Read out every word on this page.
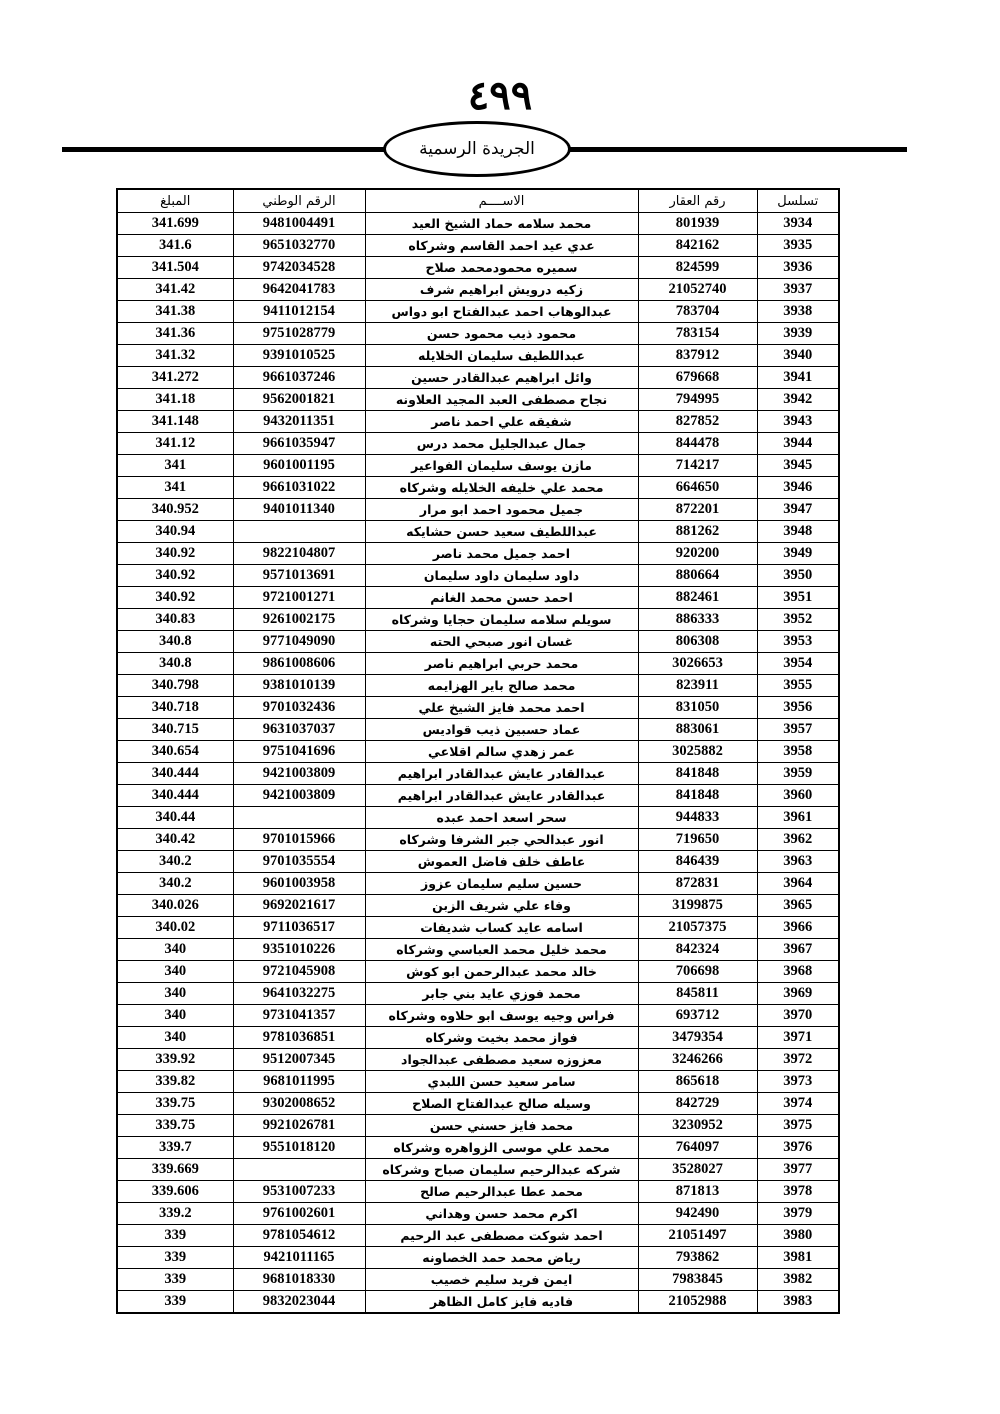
٤٩٩
الجريدة الرسمية
تسلسل	رقم العقار	الاســــم	الرقم الوطني	المبلغ
3934	801939	محمد سلامه حماد الشيخ العيد	9481004491	341.699
3935	842162	عدي عيد احمد القاسم وشركاه	9651032770	341.6
3936	824599	سميره محمودمحمد صلاح	9742034528	341.504
3937	21052740	زكيه درويش ابراهيم شرف	9642041783	341.42
3938	783704	عبدالوهاب احمد عبدالفتاح ابو دواس	9411012154	341.38
3939	783154	محمود ذيب محمود حسن	9751028779	341.36
3940	837912	عبداللطيف سليمان الخلايله	9391010525	341.32
3941	679668	وائل ابراهيم عبدالقادر حسين	9661037246	341.272
3942	794995	نجاح مصطفى العبد المجيد العلاونه	9562001821	341.18
3943	827852	شفيقه علي احمد ناصر	9432011351	341.148
3944	844478	جمال عبدالجليل محمد درس	9661035947	341.12
3945	714217	مازن يوسف سليمان الفواعير	9601001195	341
3946	664650	محمد علي خليفه الخلايله وشركاه	9661031022	341
3947	872201	جميل محمود احمد ابو مرار	9401011340	340.952
3948	881262	عبداللطيف سعيد حسن حشايكه		340.94
3949	920200	احمد جميل محمد ناصر	9822104807	340.92
3950	880664	داود سليمان داود سليمان	9571013691	340.92
3951	882461	احمد حسن محمد الغانم	9721001271	340.92
3952	886333	سويلم سلامه سليمان حجايا وشركاه	9261002175	340.83
3953	806308	غسان انور صبحي الحته	9771049090	340.8
3954	3026653	محمد حربي ابراهيم ناصر	9861008606	340.8
3955	823911	محمد صالح باير الهزايمه	9381010139	340.798
3956	831050	احمد محمد فايز الشيخ علي	9701032436	340.718
3957	883061	عماد حسبين ذيب قواديس	9631037037	340.715
3958	3025882	عمر زهدي سالم اقلاعي	9751041696	340.654
3959	841848	عبدالقادر عايش عبدالقادر ابراهيم	9421003809	340.444
3960	841848	عبدالقادر عايش عبدالقادر ابراهيم	9421003809	340.444
3961	944833	سحر اسعد احمد عبده		340.44
3962	719650	انور عبدالحي جبر الشرفا وشركاه	9701015966	340.42
3963	846439	عاطف خلف فاضل العموش	9701035554	340.2
3964	872831	حسين سليم سليمان عزوز	9601003958	340.2
3965	3199875	وفاء علي شريف الزبن	9692021617	340.026
3966	21057375	اسامه عايد كساب شديفات	9711036517	340.02
3967	842324	محمد خليل محمد العباسي وشركاه	9351010226	340
3968	706698	خالد محمد عبدالرحمن ابو كوش	9721045908	340
3969	845811	محمد فوزي عايد بني جابر	9641032275	340
3970	693712	فراس وجيه يوسف ابو حلاوه وشركاه	9731041357	340
3971	3479354	فواز محمد بخيت وشركاه	9781036851	340
3972	3246266	معزوزه سعيد مصطفى عبدالجواد	9512007345	339.92
3973	865618	سامر سعيد حسن اللبدي	9681011995	339.82
3974	842729	وسيله صالح عبدالفتاح الصلاح	9302008652	339.75
3975	3230952	محمد فايز حسني حسن	9921026781	339.75
3976	764097	محمد علي موسى الزواهره وشركاه	9551018120	339.7
3977	3528027	شركه عبدالرحيم سليمان صباح وشركاه		339.669
3978	871813	محمد عطا عبدالرحيم صالح	9531007233	339.606
3979	942490	اكرم محمد حسن وهداني	9761002601	339.2
3980	21051497	احمد شوكت مصطفى عبد الرحيم	9781054612	339
3981	793862	رياض محمد حمد الخصاونه	9421011165	339
3982	7983845	ايمن فريد سليم خصيب	9681018330	339
3983	21052988	فاديه فايز كامل الظاهر	9832023044	339
